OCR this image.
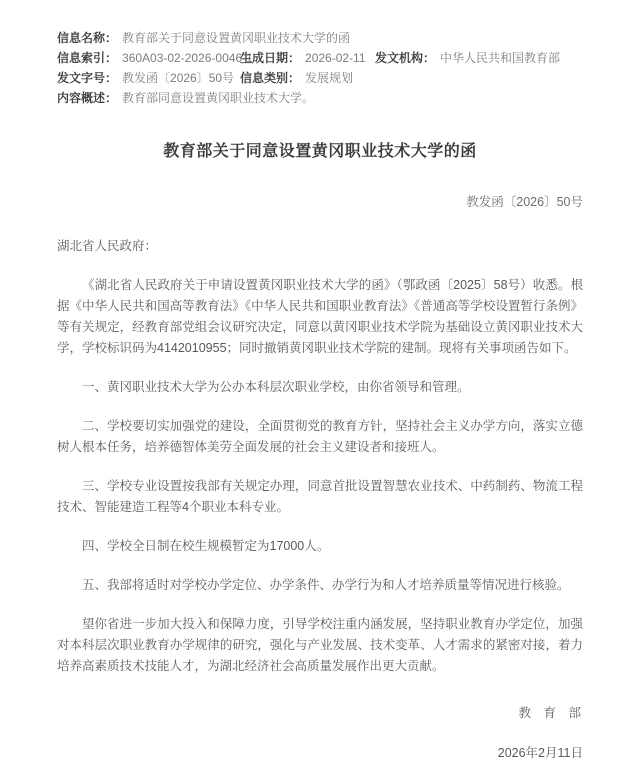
信息名称： 教育部关于同意设置黄冈职业技术大学的函
信息索引： 360A03-02-2026-0046-1
生成日期： 2026-02-11 发文机构： 中华人民共和国教育部
发文字号： 教发函〔2026〕50号 信息类别： 发展规划
内容概述： 教育部同意设置黄冈职业技术大学。
教育部关于同意设置黄冈职业技术大学的函
教发函〔2026〕50号
湖北省人民政府：

《湖北省人民政府关于申请设置黄冈职业技术大学的函》（鄂政函〔2025〕58号）收悉。根据《中华人民共和国高等教育法》《中华人民共和国职业教育法》《普通高等学校设置暂行条例》等有关规定，经教育部党组会议研究决定，同意以黄冈职业技术学院为基础设立黄冈职业技术大学，学校标识码为4142010955；同时撤销黄冈职业技术学院的建制。现将有关事项函告如下。

一、黄冈职业技术大学为公办本科层次职业学校，由你省领导和管理。

二、学校要切实加强党的建设，全面贯彻党的教育方针，坚持社会主义办学方向，落实立德树人根本任务，培养德智体美劳全面发展的社会主义建设者和接班人。

三、学校专业设置按我部有关规定办理，同意首批设置智慧农业技术、中药制药、物流工程技术、智能建造工程等4个职业本科专业。

四、学校全日制在校生规模暂定为17000人。

五、我部将适时对学校办学定位、办学条件、办学行为和人才培养质量等情况进行核验。

望你省进一步加大投入和保障力度，引导学校注重内涵发展，坚持职业教育办学定位，加强对本科层次职业教育办学规律的研究，强化与产业发展、技术变革、人才需求的紧密对接，着力培养高素质技术技能人才，为湖北经济社会高质量发展作出更大贡献。

教　育　部
2026年2月11日
